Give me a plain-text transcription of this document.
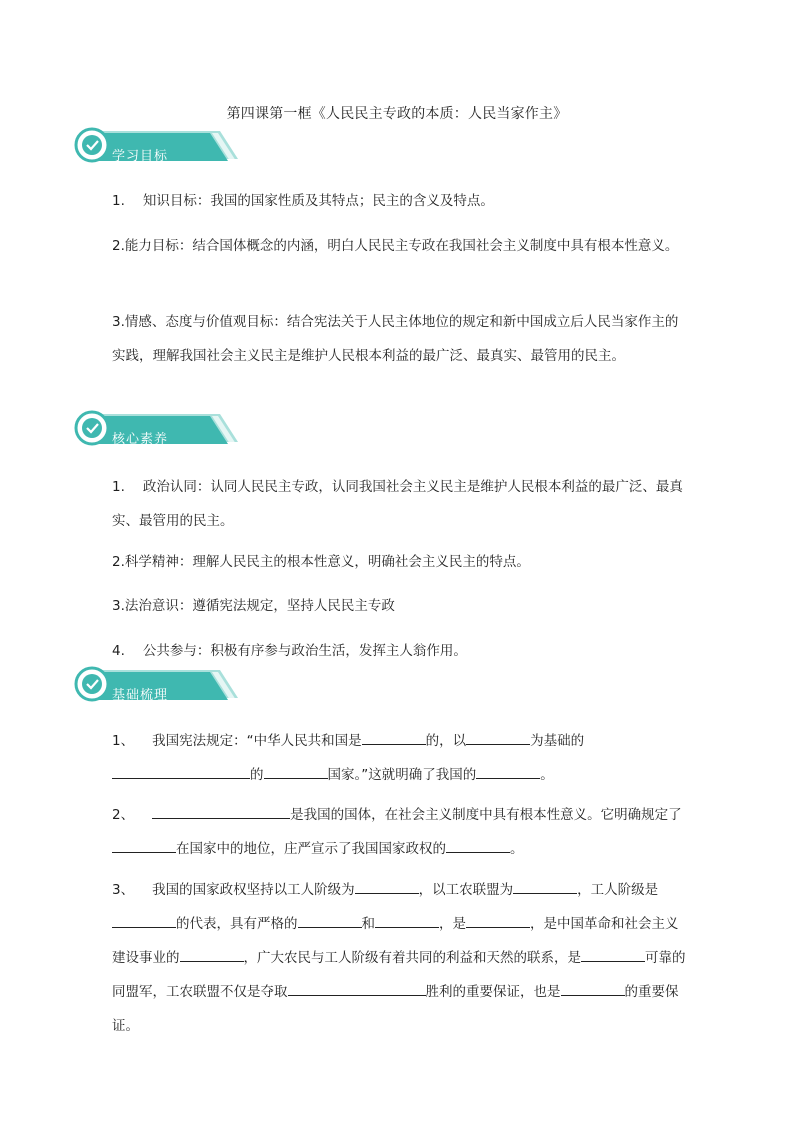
第四课第一框《人民民主专政的本质：人民当家作主》
学习目标
1. 知识目标：我国的国家性质及其特点；民主的含义及特点。
2.能力目标：结合国体概念的内涵，明白人民民主专政在我国社会主义制度中具有根本性意义。
3.情感、态度与价值观目标：结合宪法关于人民主体地位的规定和新中国成立后人民当家作主的实践，理解我国社会主义民主是维护人民根本利益的最广泛、最真实、最管用的民主。
核心素养
1. 政治认同：认同人民民主专政，认同我国社会主义民主是维护人民根本利益的最广泛、最真实、最管用的民主。
2.科学精神：理解人民民主的根本性意义，明确社会主义民主的特点。
3.法治意识：遵循宪法规定，坚持人民民主专政
4. 公共参与：积极有序参与政治生活，发挥主人翁作用。
基础梳理
1、 我国宪法规定：“中华人民共和国是	的，以	为基础的
的	国家。”这就明确了我国的	。
2、	是我国的国体，在社会主义制度中具有根本性意义。它明确规定了在国家中的地位，庄严宣示了我国国家政权的	。
3、 我国的国家政权坚持以工人阶级为	，以工农联盟为	，工人阶级是的代表，具有严格的	和	，是	，是中国革命和社会主义建设事业的	，广大农民与工人阶级有着共同的利益和天然的联系，是	可靠的同盟军，工农联盟不仅是夺取	胜利的重要保证，也是	的重要保证。
